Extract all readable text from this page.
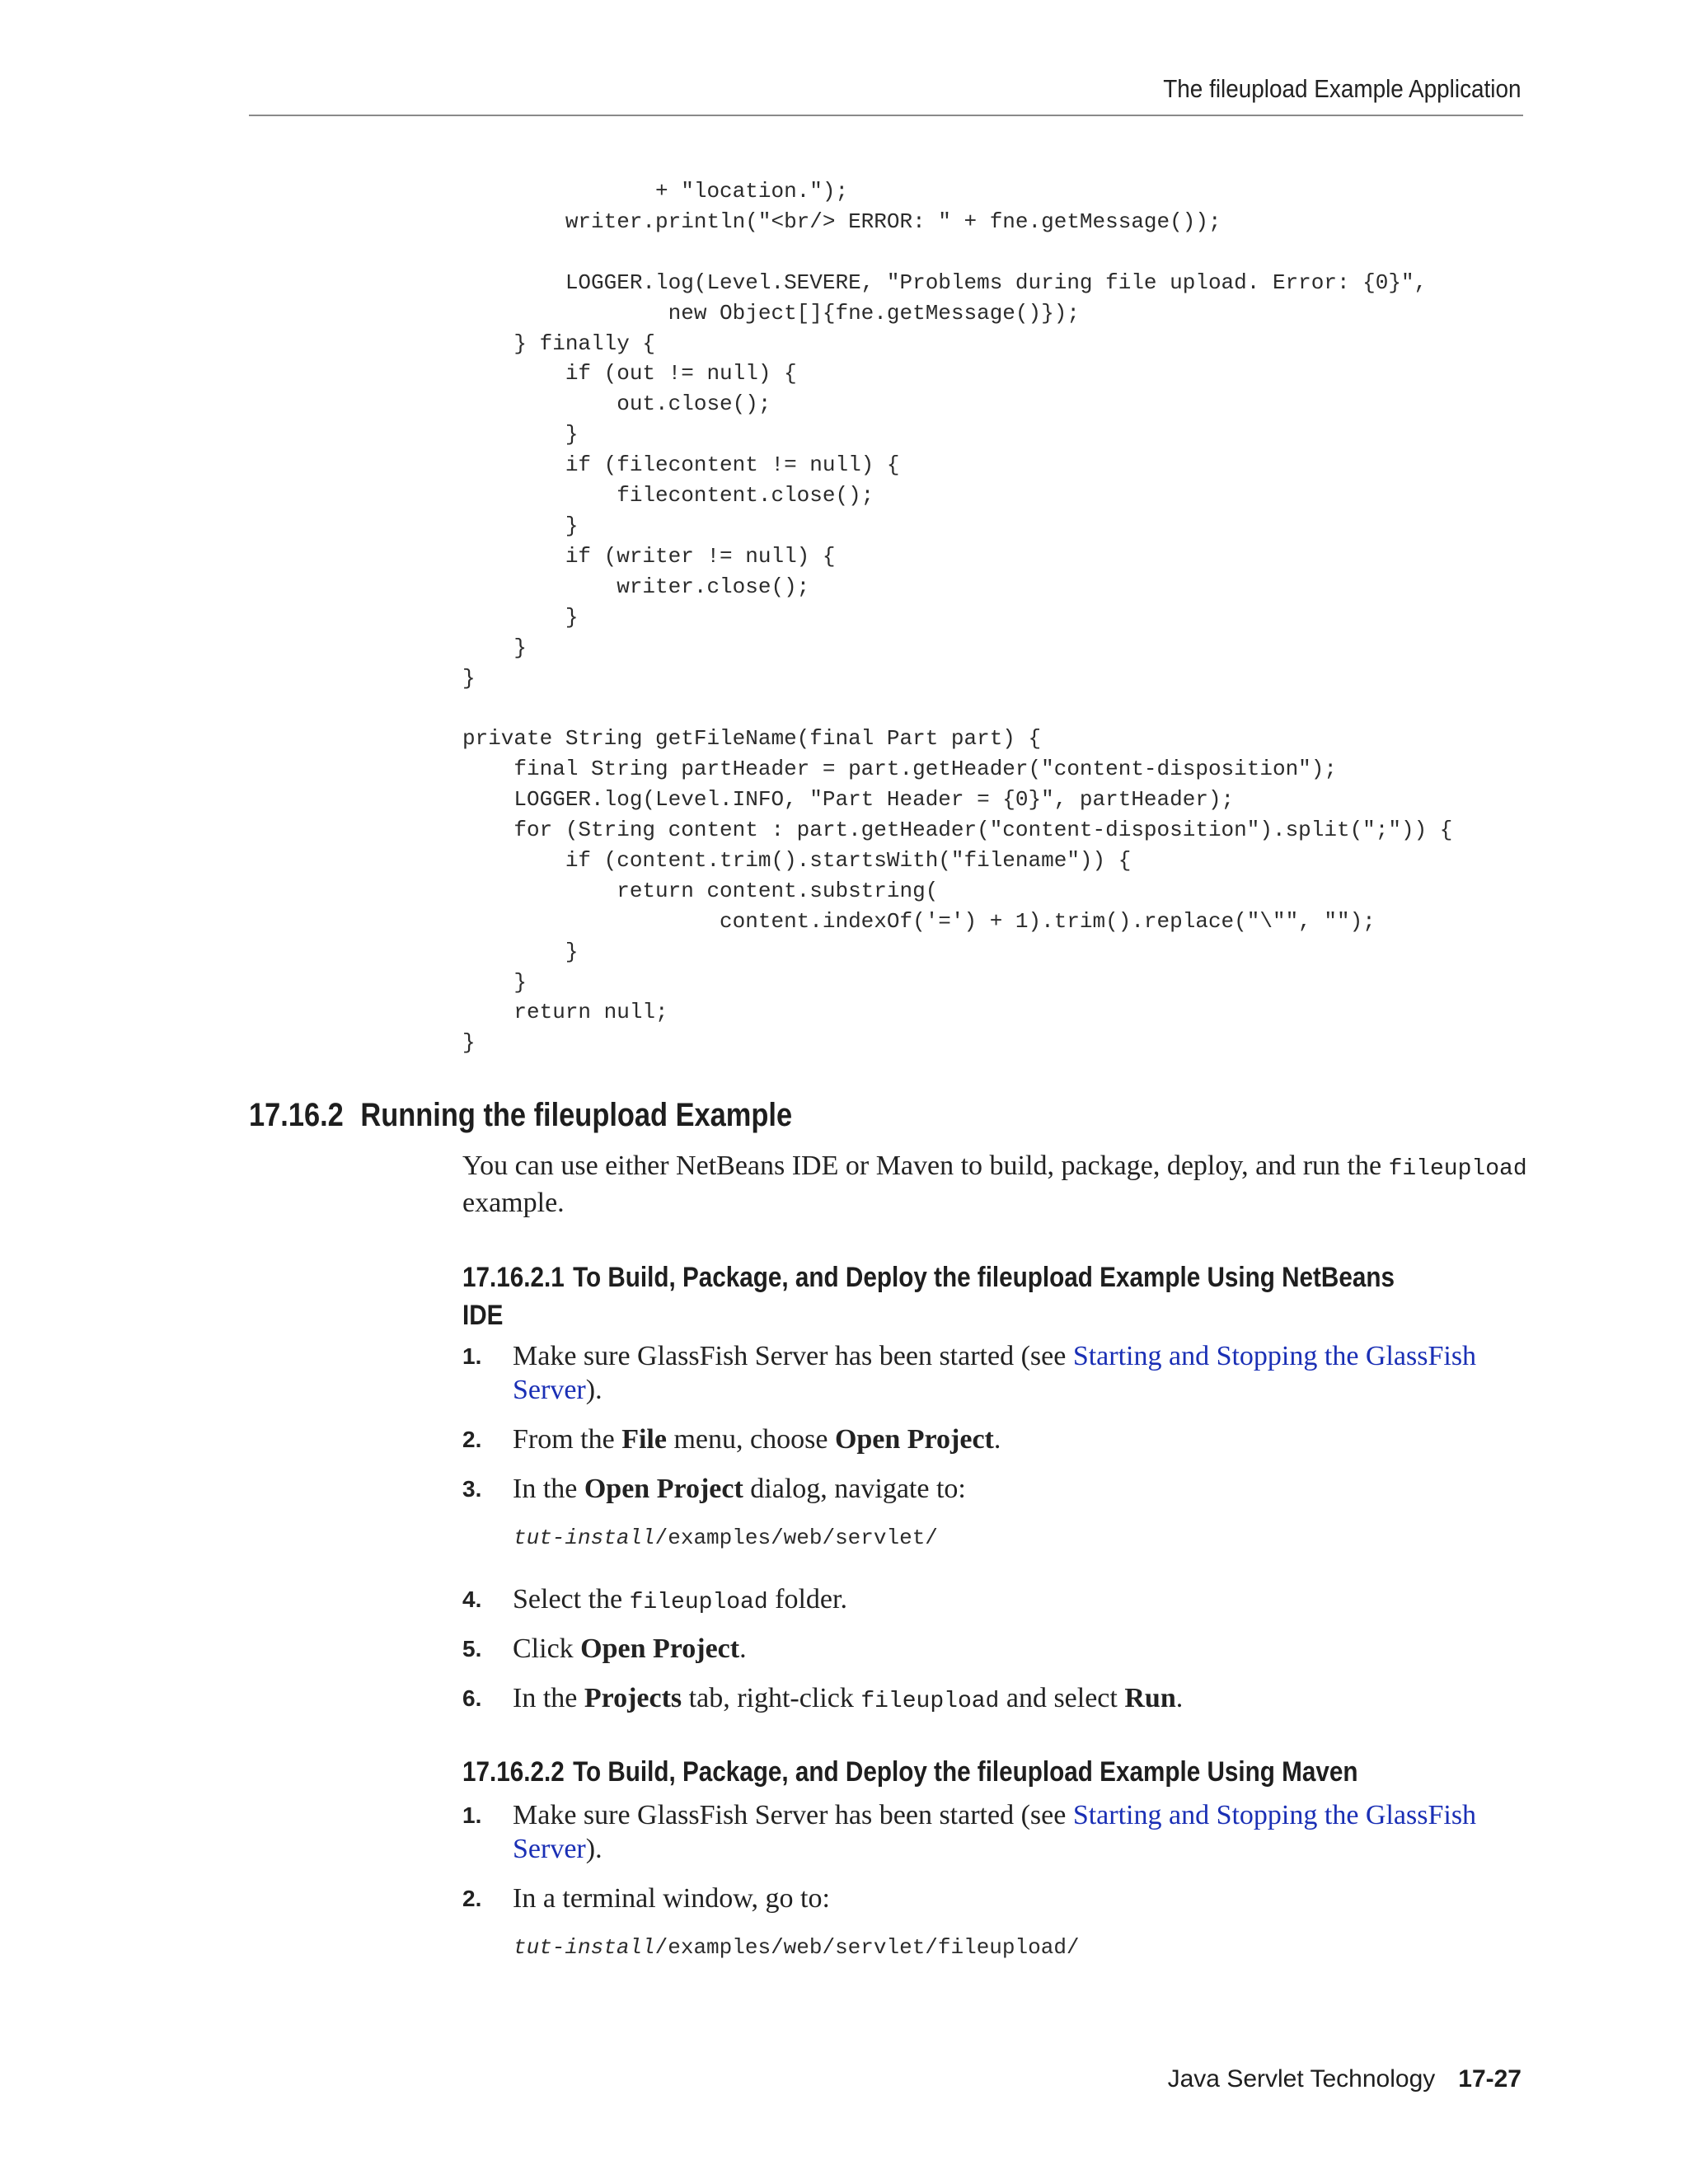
The fileupload Example Application
+ "location.");
writer.println("<br/> ERROR: " + fne.getMessage());

LOGGER.log(Level.SEVERE, "Problems during file upload. Error: {0}",
new Object[]{fne.getMessage()});
} finally {
if (out != null) {
out.close();
}
if (filecontent != null) {
filecontent.close();
}
if (writer != null) {
writer.close();
}
}
}

private String getFileName(final Part part) {
final String partHeader = part.getHeader("content-disposition");
LOGGER.log(Level.INFO, "Part Header = {0}", partHeader);
for (String content : part.getHeader("content-disposition").split(";")) {
if (content.trim().startsWith("filename")) {
return content.substring(
content.indexOf('=') + 1).trim().replace("\"", "");
}
}
return null;
}
17.16.2 Running the fileupload Example
You can use either NetBeans IDE or Maven to build, package, deploy, and run the fileupload example.
17.16.2.1 To Build, Package, and Deploy the fileupload Example Using NetBeans IDE
1. Make sure GlassFish Server has been started (see Starting and Stopping the GlassFish Server).
2. From the File menu, choose Open Project.
3. In the Open Project dialog, navigate to:
tut-install/examples/web/servlet/
4. Select the fileupload folder.
5. Click Open Project.
6. In the Projects tab, right-click fileupload and select Run.
17.16.2.2 To Build, Package, and Deploy the fileupload Example Using Maven
1. Make sure GlassFish Server has been started (see Starting and Stopping the GlassFish Server).
2. In a terminal window, go to:
tut-install/examples/web/servlet/fileupload/
Java Servlet Technology 17-27
